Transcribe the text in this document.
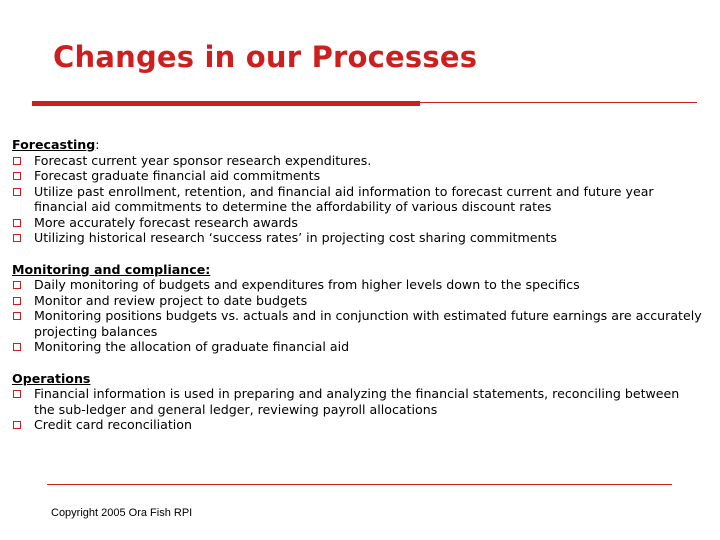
Changes in our Processes
Forecasting:
Forecast current year sponsor research expenditures.
Forecast graduate financial aid commitments
Utilize past enrollment, retention, and financial aid information to forecast current and future year financial aid commitments to determine the affordability of various discount rates
More accurately forecast research awards
Utilizing historical research ‘success rates’ in projecting cost sharing commitments
Monitoring and compliance:
Daily monitoring of budgets and expenditures from higher levels down to the specifics
Monitor and review project to date budgets
Monitoring positions budgets vs. actuals and in conjunction with estimated future earnings are accurately projecting balances
Monitoring the allocation of graduate financial aid
Operations
Financial information is used in preparing and analyzing the financial statements, reconciling between the sub-ledger and general ledger, reviewing payroll allocations
Credit card reconciliation
Copyright 2005 Ora Fish RPI
